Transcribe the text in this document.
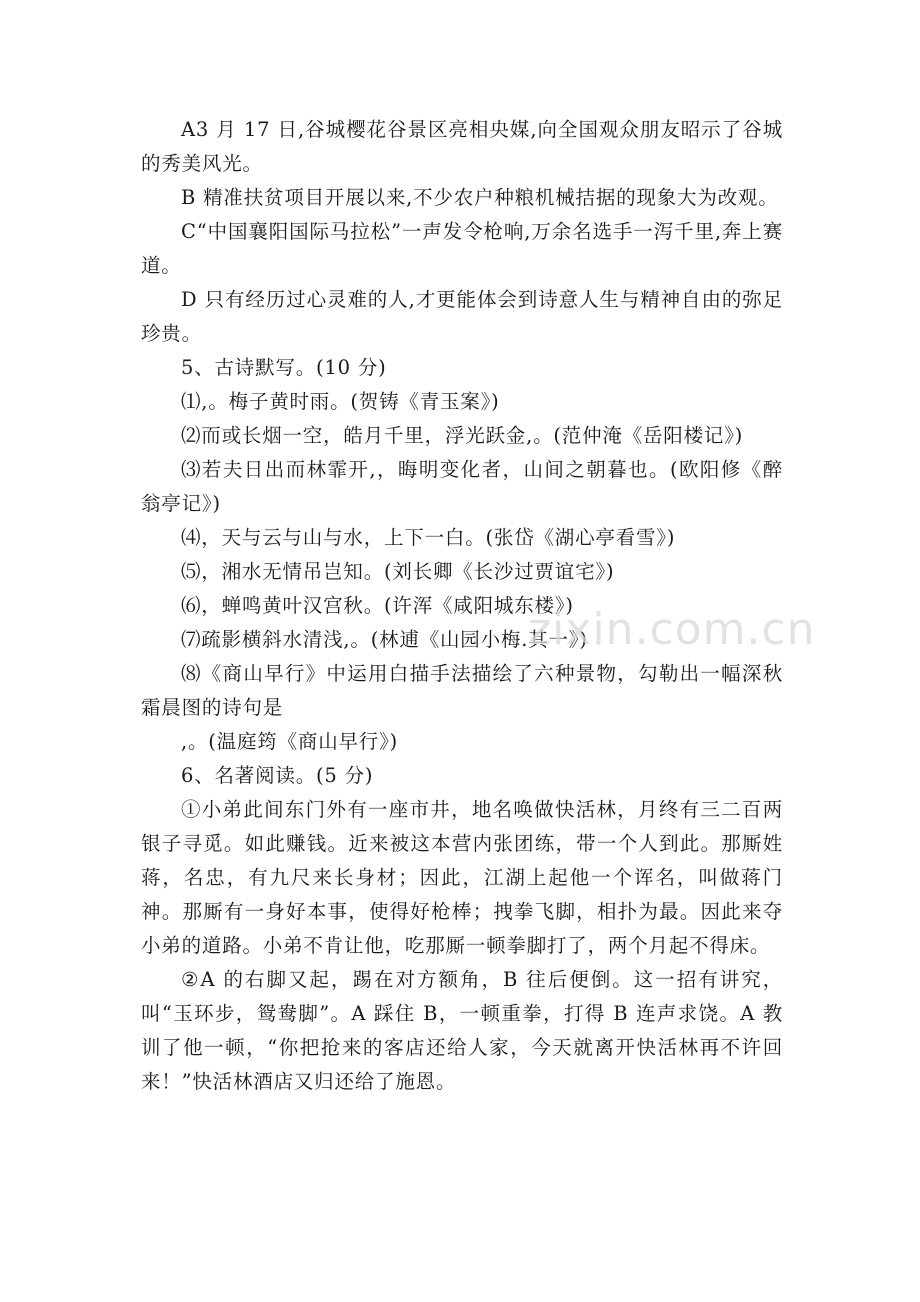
A3 月 17 日,谷城樱花谷景区亮相央媒,向全国观众朋友昭示了谷城的秀美风光。

B 精准扶贫项目开展以来,不少农户种粮机械拮据的现象大为改观。

C“中国襄阳国际马拉松”一声发令枪响,万余名选手一泻千里,奔上赛道。

D 只有经历过心灵难的人,才更能体会到诗意人生与精神自由的弥足珍贵。

5、古诗默写。(10 分)

⑴,。梅子黄时雨。(贺铸《青玉案》)

⑵而或长烟一空，皓月千里，浮光跃金,。(范仲淹《岳阳楼记》)

⑶若夫日出而林霏开,，晦明变化者，山间之朝暮也。(欧阳修《醉翁亭记》)

⑷，天与云与山与水，上下一白。(张岱《湖心亭看雪》)

⑸，湘水无情吊岂知。(刘长卿《长沙过贾谊宅》)

⑹，蝉鸣黄叶汉宫秋。(许浑《咸阳城东楼》)

⑺疏影横斜水清浅,。(林逋《山园小梅.其一》)

⑻《商山早行》中运用白描手法描绘了六种景物，勾勒出一幅深秋霜晨图的诗句是

,。(温庭筠《商山早行》)

6、名著阅读。(5 分)

①小弟此间东门外有一座市井，地名唤做快活林，月终有三二百两银子寻觅。如此赚钱。近来被这本营内张团练，带一个人到此。那厮姓蒋，名忠，有九尺来长身材；因此，江湖上起他一个诨名，叫做蒋门神。那厮有一身好本事，使得好枪棒；拽拳飞脚，相扑为最。因此来夺小弟的道路。小弟不肯让他，吃那厮一顿拳脚打了，两个月起不得床。

②A 的右脚又起，踢在对方额角，B 往后便倒。这一招有讲究，叫“玉环步，鸳鸯脚”。A 踩住 B，一顿重拳，打得 B 连声求饶。A 教训了他一顿，“你把抢来的客店还给人家，今天就离开快活林再不许回来！”快活林酒店又归还给了施恩。

zixin.com.cn
